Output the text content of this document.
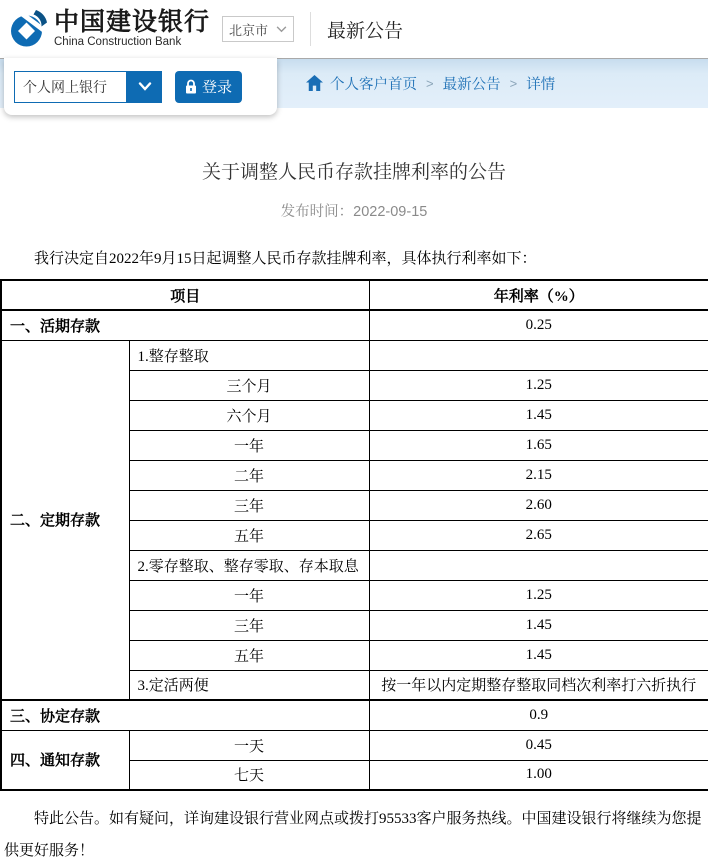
中国建设银行
China Construction Bank
北京市	最新公告
个人网上银行	登录	个人客户首页 > 最新公告 > 详情
关于调整人民币存款挂牌利率的公告
发布时间：2022-09-15

我行决定自2022年9月15日起调整人民币存款挂牌利率，具体执行利率如下：

项目		年利率（%）
一、活期存款		0.25
二、定期存款	1.整存整取	
	三个月	1.25
	六个月	1.45
	一年	1.65
	二年	2.15
	三年	2.60
	五年	2.65
	2.零存整取、整存零取、存本取息	
	一年	1.25
	三年	1.45
	五年	1.45
	3.定活两便	按一年以内定期整存整取同档次利率打六折执行
三、协定存款		0.9
四、通知存款	一天	0.45
	七天	1.00

特此公告。如有疑问，详询建设银行营业网点或拨打95533客户服务热线。中国建设银行将继续为您提供更好服务！
